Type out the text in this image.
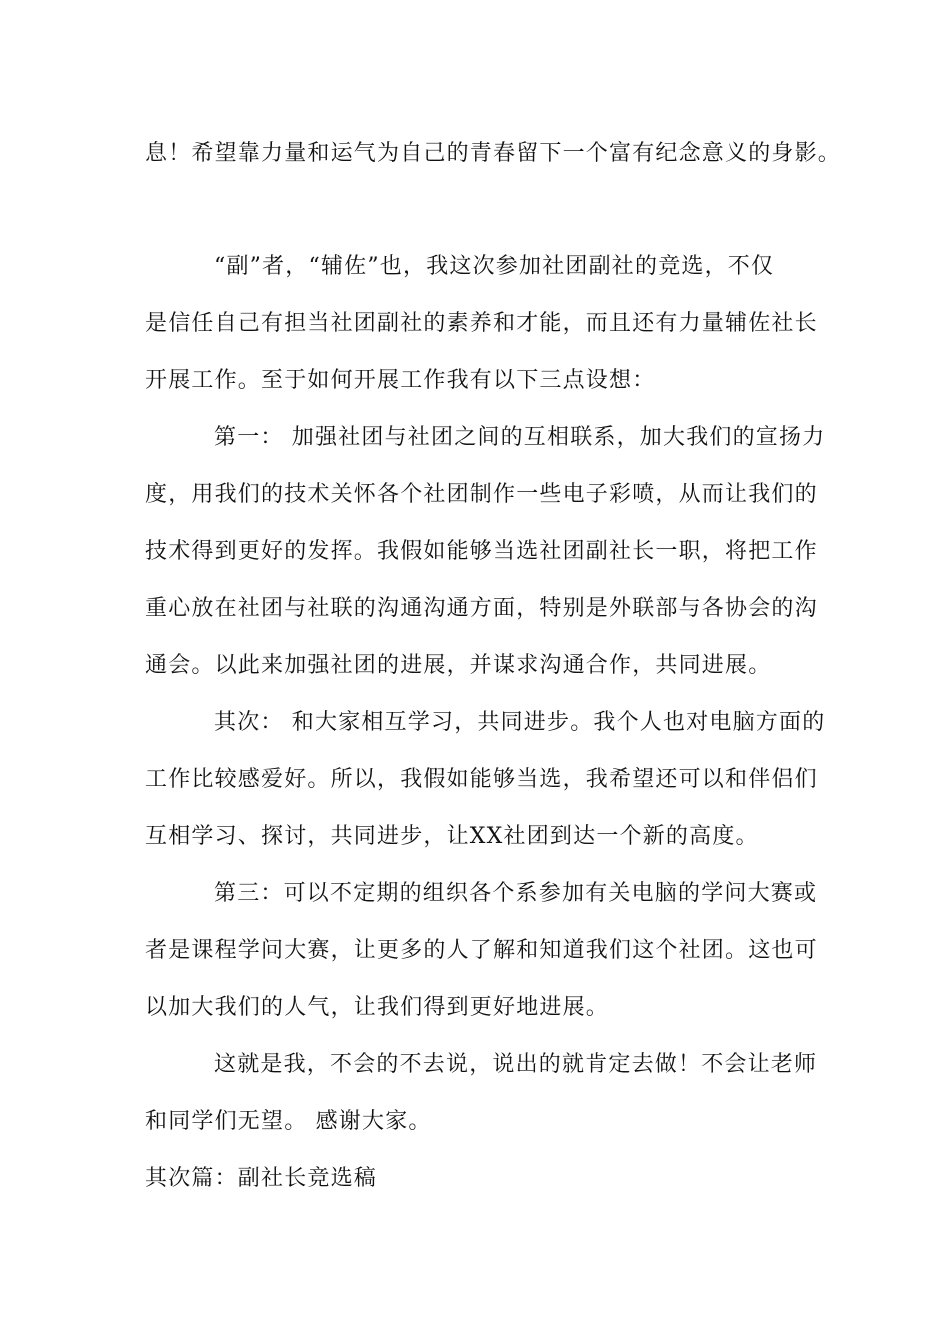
息！希望靠力量和运气为自己的青春留下一个富有纪念意义的身影。
“副”者，“辅佐”也，我这次参加社团副社的竞选，不仅
是信任自己有担当社团副社的素养和才能，而且还有力量辅佐社长
开展工作。至于如何开展工作我有以下三点设想：
第一： 加强社团与社团之间的互相联系，加大我们的宣扬力
度，用我们的技术关怀各个社团制作一些电子彩喷，从而让我们的
技术得到更好的发挥。我假如能够当选社团副社长一职，将把工作
重心放在社团与社联的沟通沟通方面，特别是外联部与各协会的沟
通会。以此来加强社团的进展，并谋求沟通合作，共同进展。
其次： 和大家相互学习，共同进步。我个人也对电脑方面的
工作比较感爱好。所以，我假如能够当选，我希望还可以和伴侣们
互相学习、探讨，共同进步，让XX社团到达一个新的高度。
第三：可以不定期的组织各个系参加有关电脑的学问大赛或
者是课程学问大赛，让更多的人了解和知道我们这个社团。这也可
以加大我们的人气，让我们得到更好地进展。
这就是我，不会的不去说，说出的就肯定去做！不会让老师
和同学们无望。 感谢大家。
其次篇：副社长竞选稿
